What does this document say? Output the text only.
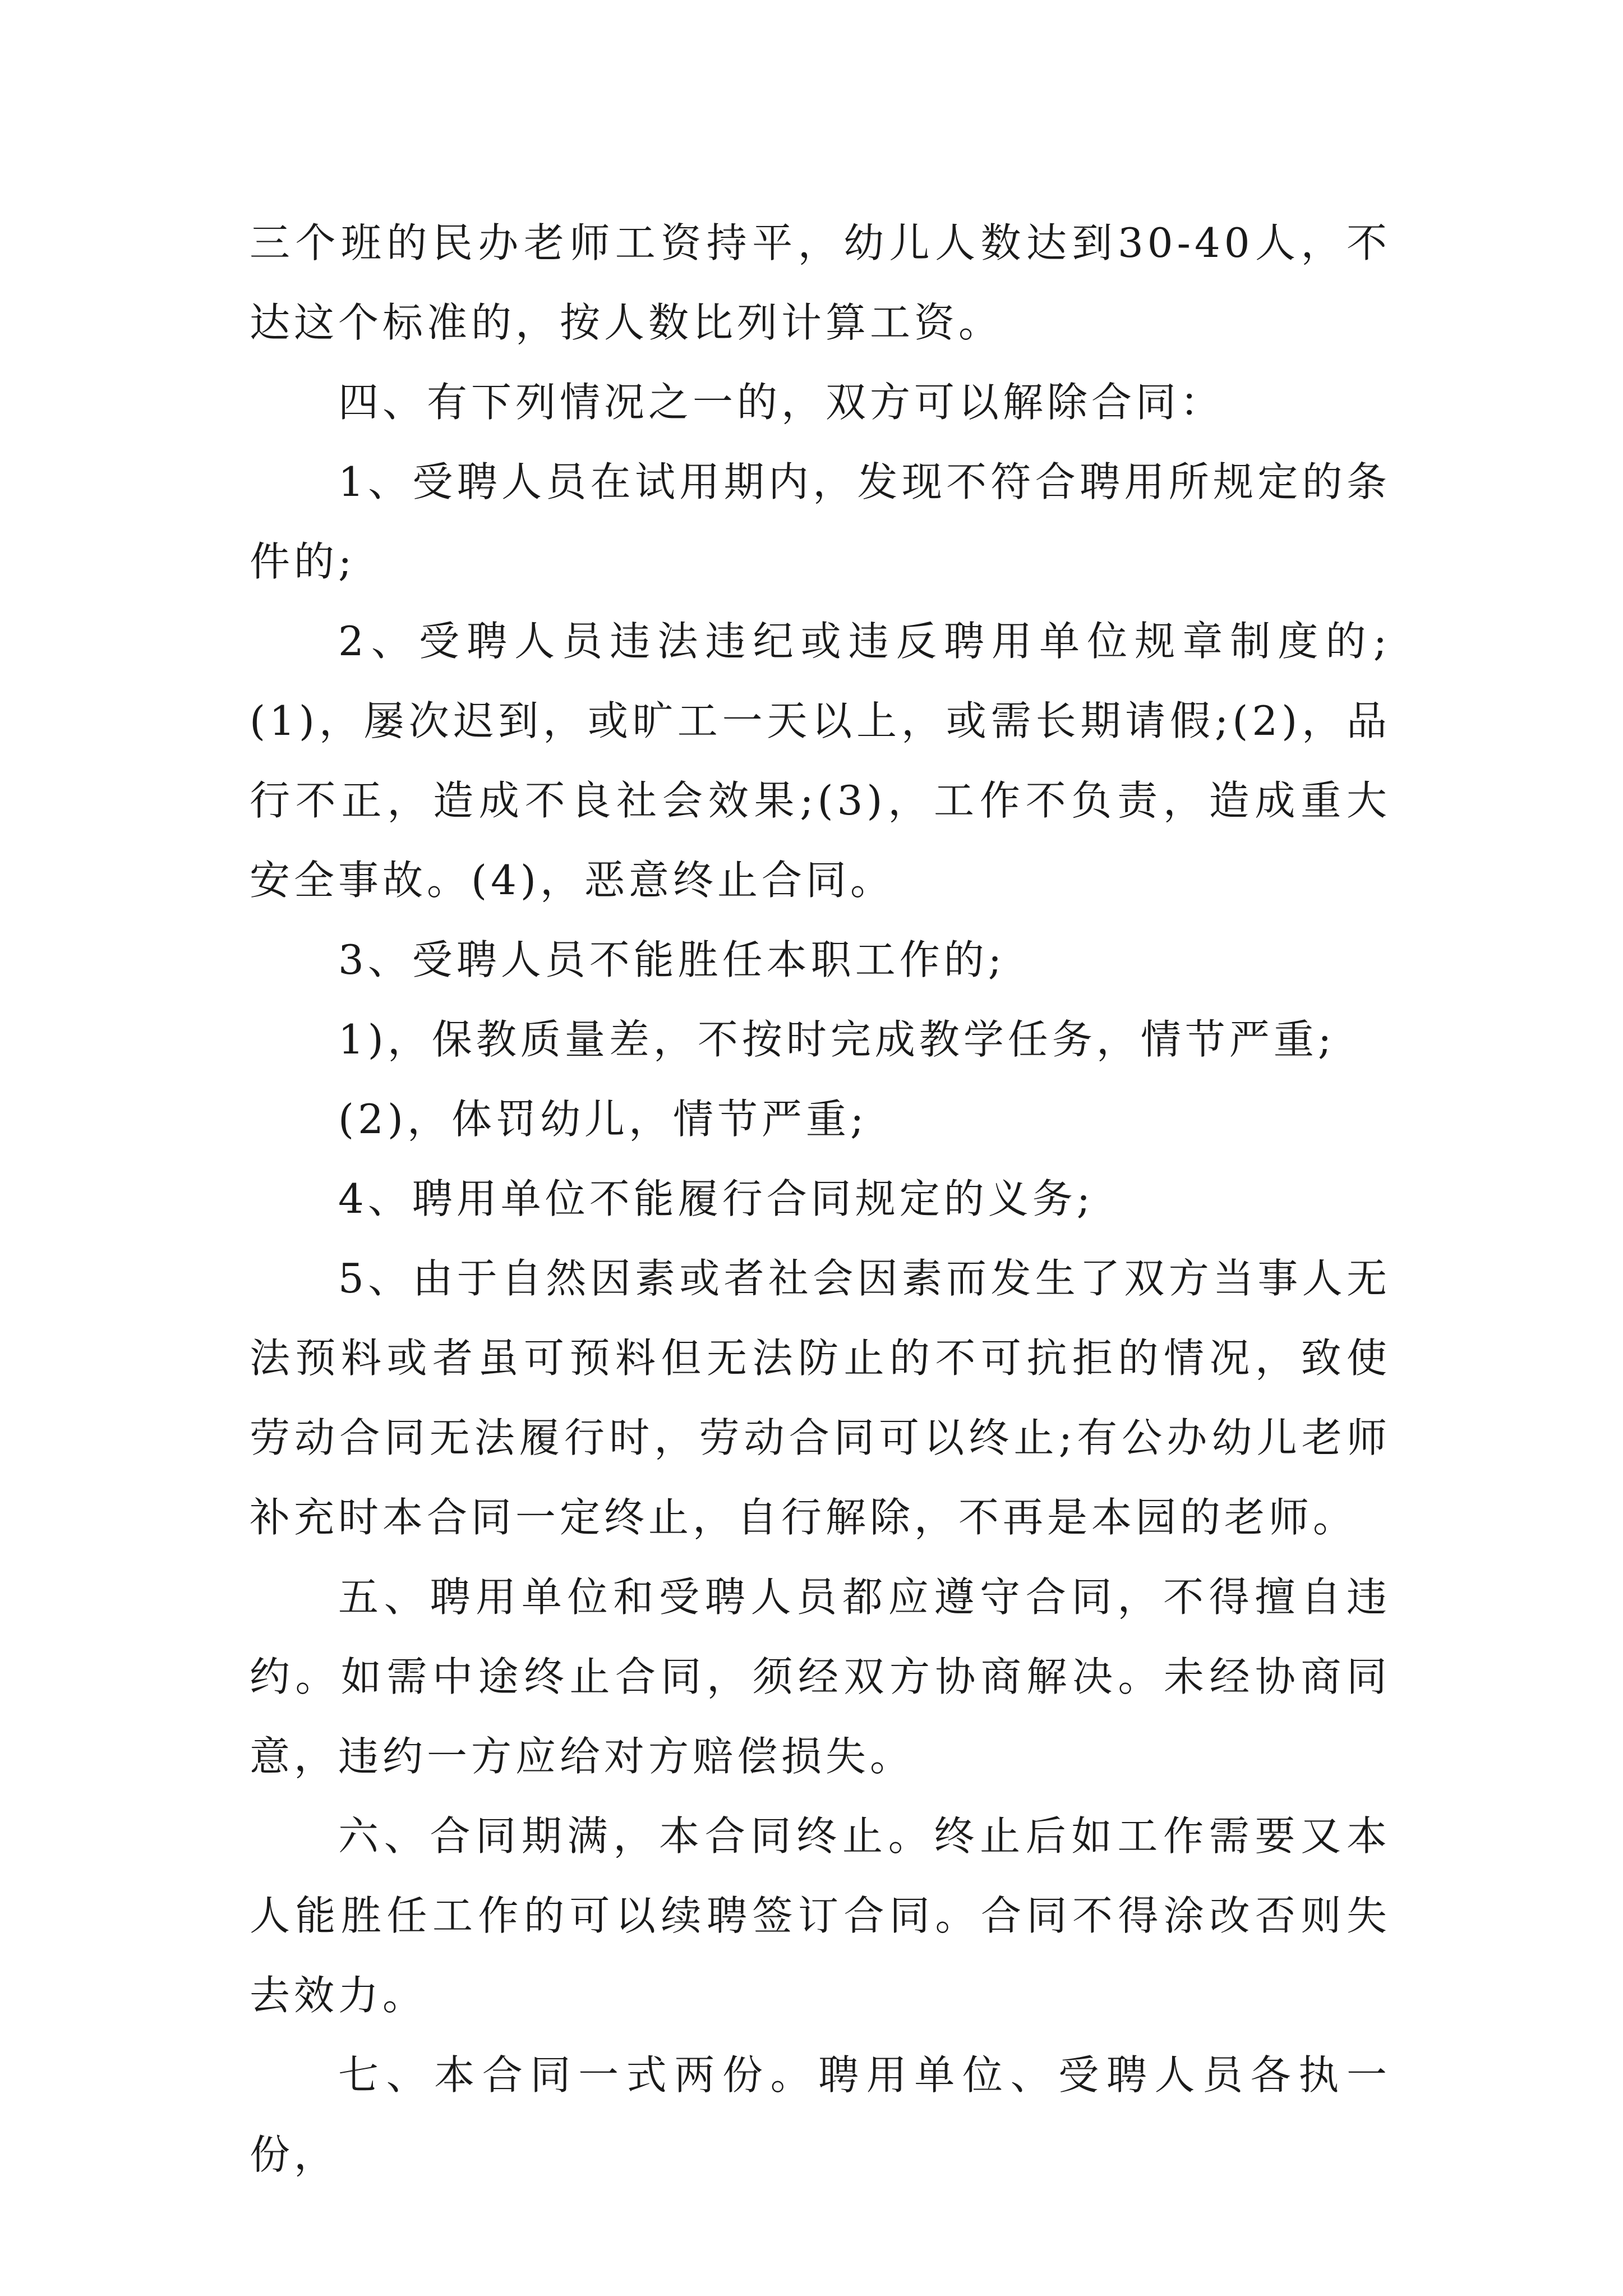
三个班的民办老师工资持平，幼儿人数达到30-40人，不达这个标准的，按人数比列计算工资。

四、有下列情况之一的，双方可以解除合同：

1、受聘人员在试用期内，发现不符合聘用所规定的条件的;

2、受聘人员违法违纪或违反聘用单位规章制度的;(1)，屡次迟到，或旷工一天以上，或需长期请假;(2)，品行不正，造成不良社会效果;(3)，工作不负责，造成重大安全事故。(4)，恶意终止合同。

3、受聘人员不能胜任本职工作的;

1)，保教质量差，不按时完成教学任务，情节严重;

(2)，体罚幼儿，情节严重;

4、聘用单位不能履行合同规定的义务;

5、由于自然因素或者社会因素而发生了双方当事人无法预料或者虽可预料但无法防止的不可抗拒的情况，致使劳动合同无法履行时，劳动合同可以终止;有公办幼儿老师补充时本合同一定终止，自行解除，不再是本园的老师。

五、聘用单位和受聘人员都应遵守合同，不得擅自违约。如需中途终止合同，须经双方协商解决。未经协商同意，违约一方应给对方赔偿损失。

六、合同期满，本合同终止。终止后如工作需要又本人能胜任工作的可以续聘签订合同。合同不得涂改否则失去效力。

七、本合同一式两份。聘用单位、受聘人员各执一份，
